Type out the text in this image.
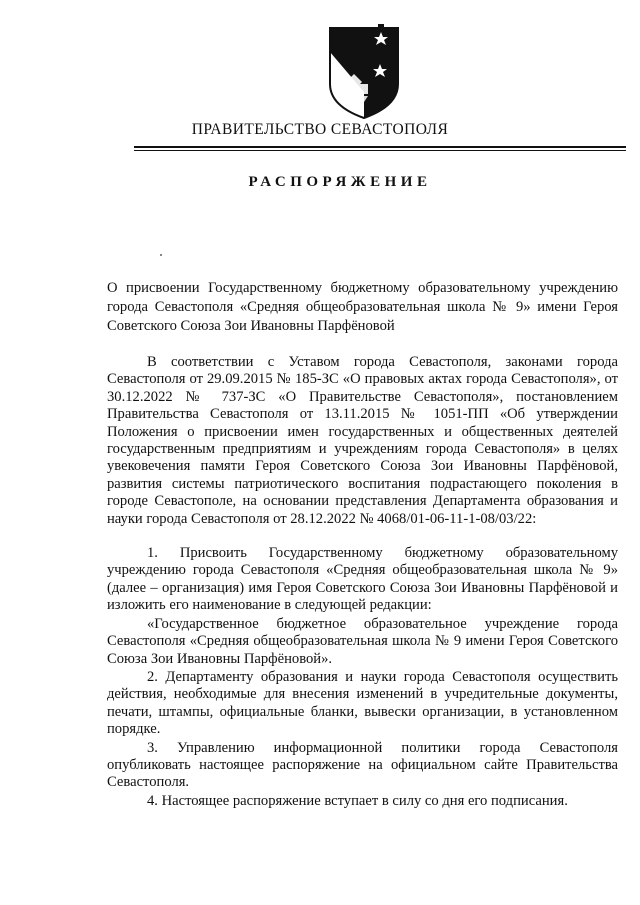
ПРАВИТЕЛЬСТВО СЕВАСТОПОЛЯ
РАСПОРЯЖЕНИЕ
О присвоении Государственному бюджетному образовательному учреждению города Севастополя «Средняя общеобразовательная школа № 9» имени Героя Советского Союза Зои Ивановны Парфёновой

В соответствии с Уставом города Севастополя, законами города Севастополя от 29.09.2015 № 185-ЗС «О правовых актах города Севастополя», от 30.12.2022 № 737-ЗС «О Правительстве Севастополя», постановлением Правительства Севастополя от 13.11.2015 № 1051-ПП «Об утверждении Положения о присвоении имен государственных и общественных деятелей государственным предприятиям и учреждениям города Севастополя» в целях увековечения памяти Героя Советского Союза Зои Ивановны Парфёновой, развития системы патриотического воспитания подрастающего поколения в городе Севастополе, на основании представления Департамента образования и науки города Севастополя от 28.12.2022 № 4068/01-06-11-1-08/03/22:

1. Присвоить Государственному бюджетному образовательному учреждению города Севастополя «Средняя общеобразовательная школа № 9» (далее – организация) имя Героя Советского Союза Зои Ивановны Парфёновой и изложить его наименование в следующей редакции:

«Государственное бюджетное образовательное учреждение города Севастополя «Средняя общеобразовательная школа № 9 имени Героя Советского Союза Зои Ивановны Парфёновой».

2. Департаменту образования и науки города Севастополя осуществить действия, необходимые для внесения изменений в учредительные документы, печати, штампы, официальные бланки, вывески организации, в установленном порядке.

3. Управлению информационной политики города Севастополя опубликовать настоящее распоряжение на официальном сайте Правительства Севастополя.

4. Настоящее распоряжение вступает в силу со дня его подписания.
